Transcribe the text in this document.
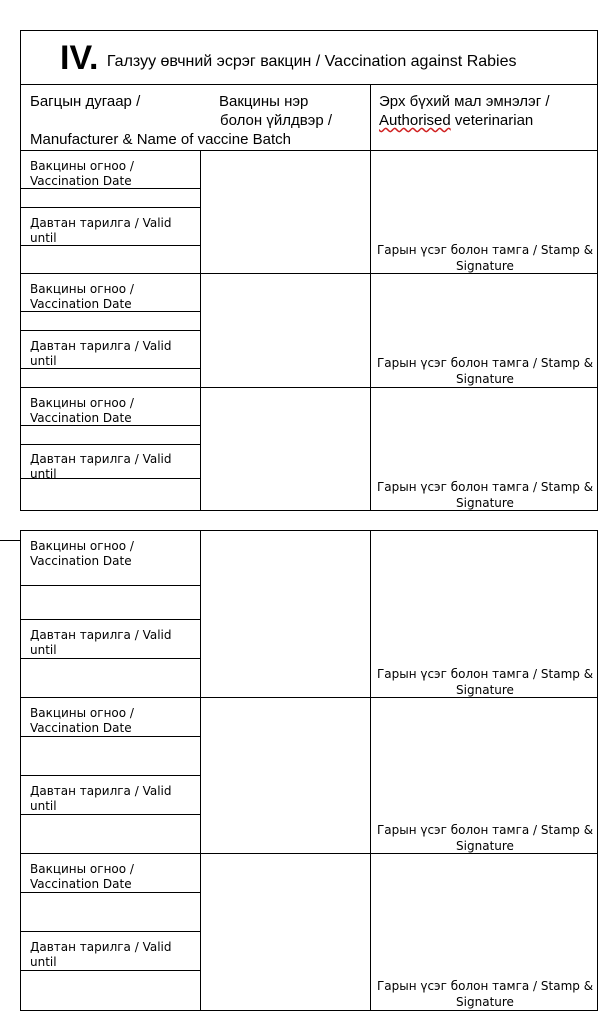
IV. Галзуу өвчний эсрэг вакцин / Vaccination against Rabies
Багцын дугаар /	Вакцины нэр
болон үйлдвэр /
Manufacturer & Name of vaccine Batch
Эрх бүхий мал эмнэлэг /
Authorised veterinarian
Вакцины огноо /
Vaccination Date
Давтан тарилга / Valid
until
Гарын үсэг болон тамга / Stamp &
Signature
Вакцины огноо /
Vaccination Date
Давтан тарилга / Valid
until	Гарын үсэг болон тамга / Stamp &
Signature
Вакцины огноо /
Vaccination Date
Давтан тарилга / Valid
until
Гарын үсэг болон тамга / Stamp &
Signature
Вакцины огноо /
Vaccination Date
Давтан тарилга / Valid
until
Гарын үсэг болон тамга / Stamp &
Signature
Вакцины огноо /
Vaccination Date
Давтан тарилга / Valid
until
Гарын үсэг болон тамга / Stamp &
Signature
Вакцины огноо /
Vaccination Date
Давтан тарилга / Valid
until
Гарын үсэг болон тамга / Stamp &
Signature
